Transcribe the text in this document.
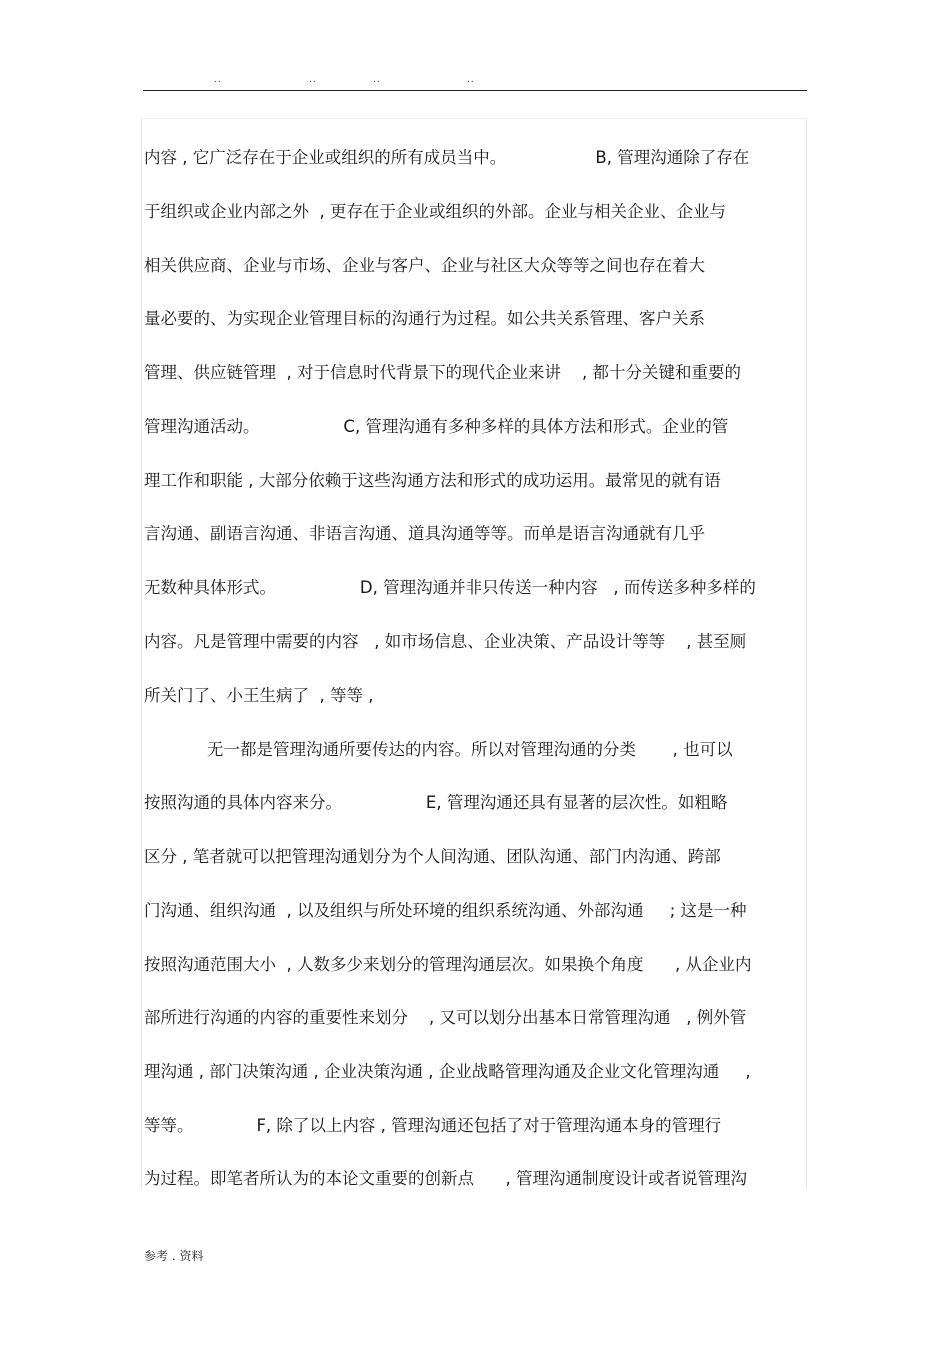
..	..	..	..
内容 , 它广泛存在于企业或组织的所有成员当中。                 B, 管理沟通除了存在
于组织或企业内部之外  , 更存在于企业或组织的外部。企业与相关企业、企业与
相关供应商、企业与市场、企业与客户、企业与社区大众等等之间也存在着大
量必要的、为实现企业管理目标的沟通行为过程。如公共关系管理、客户关系
管理、供应链管理  , 对于信息时代背景下的现代企业来讲    , 都十分关键和重要的
管理沟通活动。                C, 管理沟通有多种多样的具体方法和形式。企业的管
理工作和职能 , 大部分依赖于这些沟通方法和形式的成功运用。最常见的就有语
言沟通、副语言沟通、非语言沟通、道具沟通等等。而单是语言沟通就有几乎
无数种具体形式。                D, 管理沟通并非只传送一种内容   , 而传送多种多样的
内容。凡是管理中需要的内容   , 如市场信息、企业决策、产品设计等等    , 甚至厕
所关门了、小王生病了  , 等等 ,
无一都是管理沟通所要传达的内容。所以对管理沟通的分类       , 也可以
按照沟通的具体内容来分。                E, 管理沟通还具有显著的层次性。如粗略
区分 , 笔者就可以把管理沟通划分为个人间沟通、团队沟通、部门内沟通、跨部
门沟通、组织沟通  , 以及组织与所处环境的组织系统沟通、外部沟通     ; 这是一种
按照沟通范围大小  , 人数多少来划分的管理沟通层次。如果换个角度      , 从企业内
部所进行沟通的内容的重要性来划分    , 又可以划分出基本日常管理沟通   , 例外管
理沟通 , 部门决策沟通 , 企业决策沟通 , 企业战略管理沟通及企业文化管理沟通     ,
等等。            F, 除了以上内容 , 管理沟通还包括了对于管理沟通本身的管理行
为过程。即笔者所认为的本论文重要的创新点      , 管理沟通制度设计或者说管理沟
参考 . 资料
